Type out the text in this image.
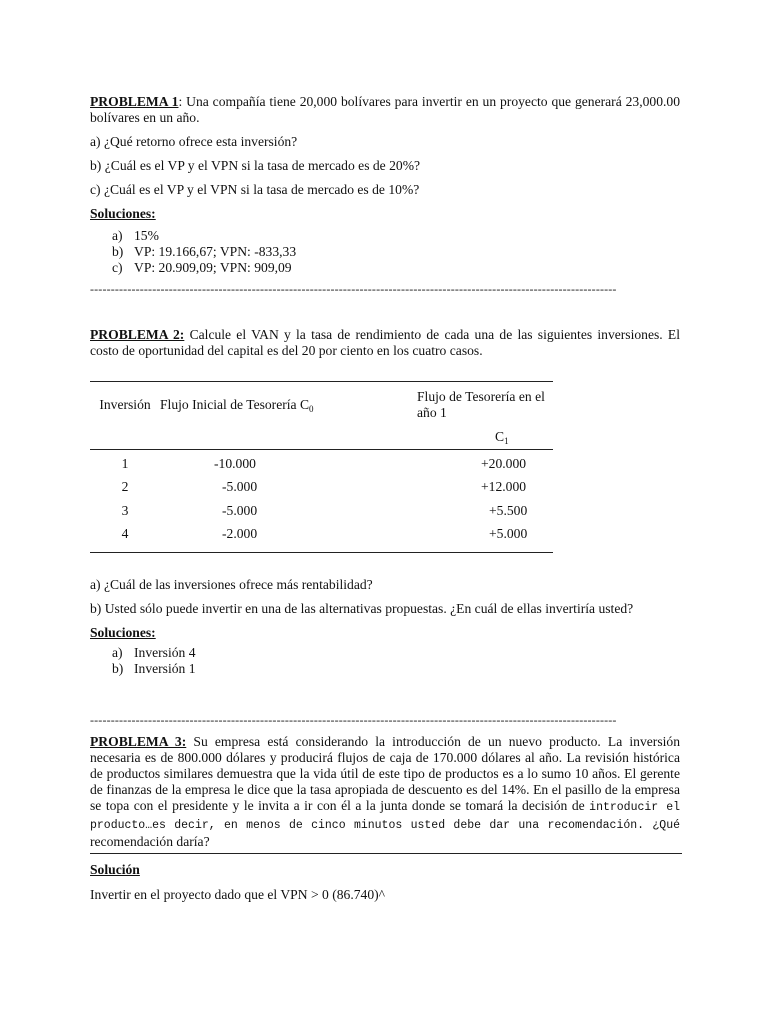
PROBLEMA 1: Una compañía tiene 20,000 bolívares para invertir en un proyecto que generará 23,000.00 bolívares en un año.

a) ¿Qué retorno ofrece esta inversión?

b) ¿Cuál es el VP y el VPN si la tasa de mercado es de 20%?

c) ¿Cuál es el VP y el VPN si la tasa de mercado es de 10%?

Soluciones:

a) 15%
b) VP: 19.166,67; VPN: -833,33
c) VP: 20.909,09; VPN: 909,09

-------------------------------------------------------------------------------------------------------------------------------

PROBLEMA 2: Calcule el VAN y la tasa de rendimiento de cada una de las siguientes inversiones. El costo de oportunidad del capital es del 20 por ciento en los cuatro casos.

Inversión	Flujo Inicial de Tesorería $C_0$	Flujo de Tesorería en el año 1
		$C_1$
1	-10.000	+20.000
2	-5.000	+12.000
3	-5.000	+5.500
4	-2.000	+5.000

a) ¿Cuál de las inversiones ofrece más rentabilidad?

b) Usted sólo puede invertir en una de las alternativas propuestas. ¿En cuál de ellas invertiría usted?

Soluciones:

a) Inversión 4
b) Inversión 1

-------------------------------------------------------------------------------------------------------------------------------

PROBLEMA 3: Su empresa está considerando la introducción de un nuevo producto. La inversión necesaria es de 800.000 dólares y producirá flujos de caja de 170.000 dólares al año. La revisión histórica de productos similares demuestra que la vida útil de este tipo de productos es a lo sumo 10 años. El gerente de finanzas de la empresa le dice que la tasa apropiada de descuento es del 14%. En el pasillo de la empresa se topa con el presidente y le invita a ir con él a la junta donde se tomará la decisión de introducir el producto…es decir, en menos de cinco minutos usted debe dar una recomendación. ¿Qué recomendación daría?

Solución

Invertir en el proyecto dado que el VPN > 0 (86.740)^
